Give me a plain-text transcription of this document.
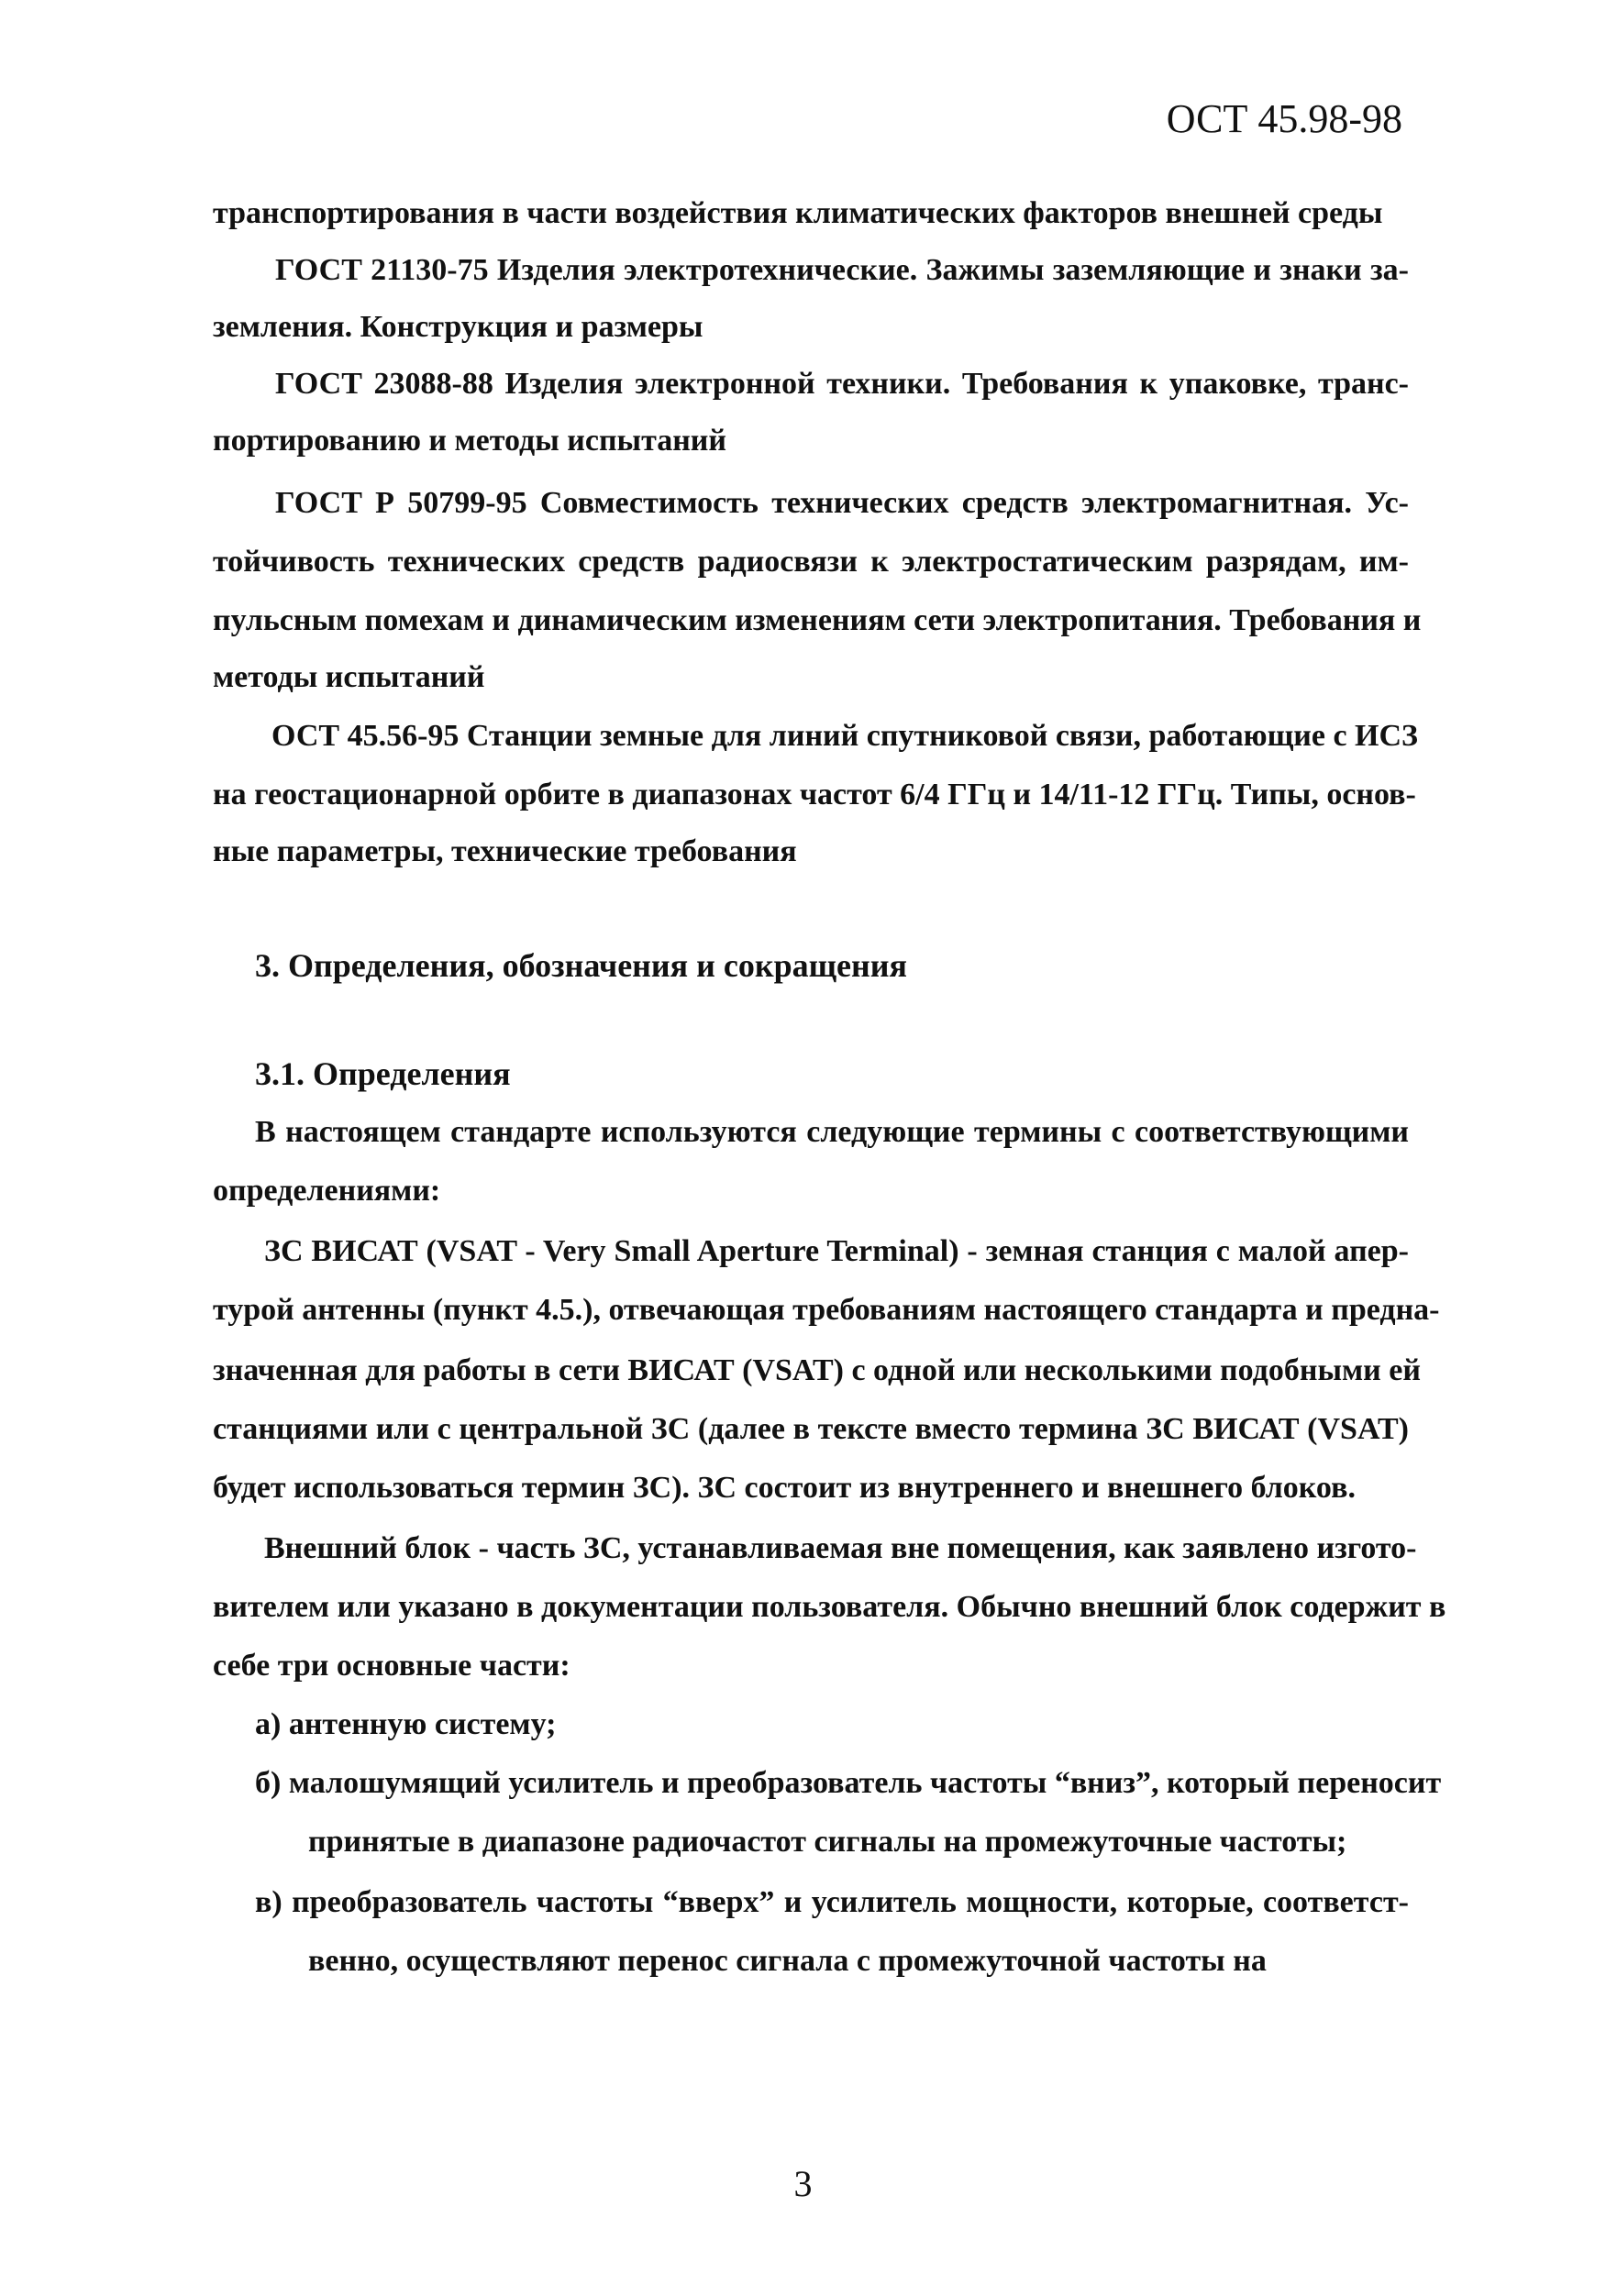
ОСТ 45.98-98
транспортирования в части воздействия климатических факторов внешней среды
ГОСТ 21130-75 Изделия электротехнические. Зажимы заземляющие и знаки за-
земления. Конструкция и размеры
ГОСТ 23088-88 Изделия электронной техники. Требования к упаковке, транс-
портированию и методы испытаний
ГОСТ Р 50799-95 Совместимость технических средств электромагнитная. Ус-
тойчивость технических средств радиосвязи к электростатическим разрядам, им-
пульсным помехам и динамическим изменениям сети электропитания. Требования и
методы испытаний
ОСТ 45.56-95 Станции земные для линий спутниковой связи, работающие с ИСЗ
на геостационарной орбите в диапазонах частот 6/4 ГГц и 14/11-12 ГГц. Типы, основ-
ные параметры, технические требования
3. Определения, обозначения и сокращения
3.1. Определения
В настоящем стандарте используются следующие термины с соответствующими
определениями:
ЗС ВИСАТ (VSAT - Very Small Aperture Terminal) - земная станция с малой апер-
турой антенны (пункт 4.5.), отвечающая требованиям настоящего стандарта и предна-
значенная для работы в сети ВИСАТ (VSAT) с одной или несколькими подобными ей
станциями или с центральной ЗС (далее в тексте вместо термина ЗС ВИСАТ (VSAT)
будет использоваться термин ЗС). ЗС состоит из внутреннего и внешнего блоков.
Внешний блок - часть ЗС, устанавливаемая вне помещения, как заявлено изгото-
вителем или указано в документации пользователя. Обычно внешний блок содержит в
себе три основные части:
а) антенную систему;
б) малошумящий усилитель и преобразователь частоты “вниз”, который переносит
принятые в диапазоне радиочастот сигналы на промежуточные частоты;
в) преобразователь частоты “вверх” и усилитель мощности, которые, соответст-
венно, осуществляют перенос сигнала с промежуточной частоты на
3
